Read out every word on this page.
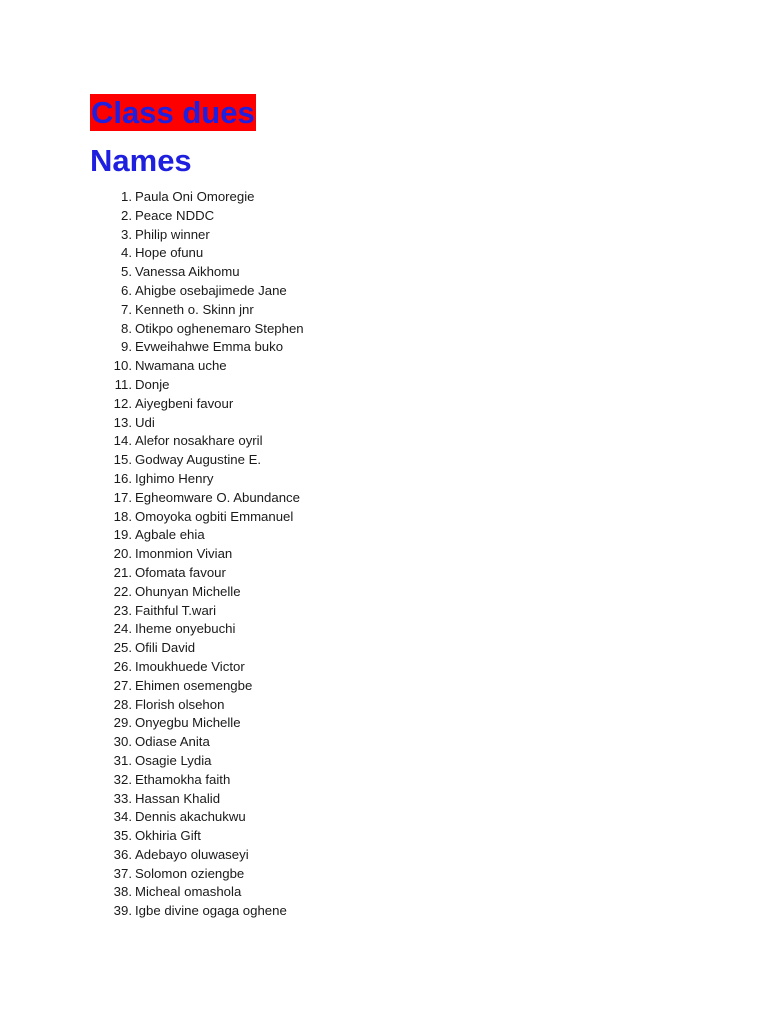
Class dues
Names
1. Paula Oni Omoregie
2. Peace NDDC
3. Philip winner
4. Hope ofunu
5. Vanessa Aikhomu
6. Ahigbe osebajimede Jane
7. Kenneth o. Skinn jnr
8. Otikpo oghenemaro Stephen
9. Evweihahwe Emma buko
10. Nwamana uche
11. Donje
12. Aiyegbeni favour
13. Udi
14. Alefor nosakhare oyril
15. Godway Augustine E.
16. Ighimo Henry
17. Egheomware O. Abundance
18. Omoyoka ogbiti Emmanuel
19. Agbale ehia
20. Imonmion Vivian
21. Ofomata favour
22. Ohunyan Michelle
23. Faithful T.wari
24. Iheme onyebuchi
25. Ofili David
26. Imoukhuede Victor
27. Ehimen osemengbe
28. Florish olsehon
29. Onyegbu Michelle
30. Odiase Anita
31. Osagie Lydia
32. Ethamokha faith
33. Hassan Khalid
34. Dennis akachukwu
35. Okhiria Gift
36. Adebayo oluwaseyi
37. Solomon oziengbe
38. Micheal omashola
39. Igbe divine ogaga oghene
